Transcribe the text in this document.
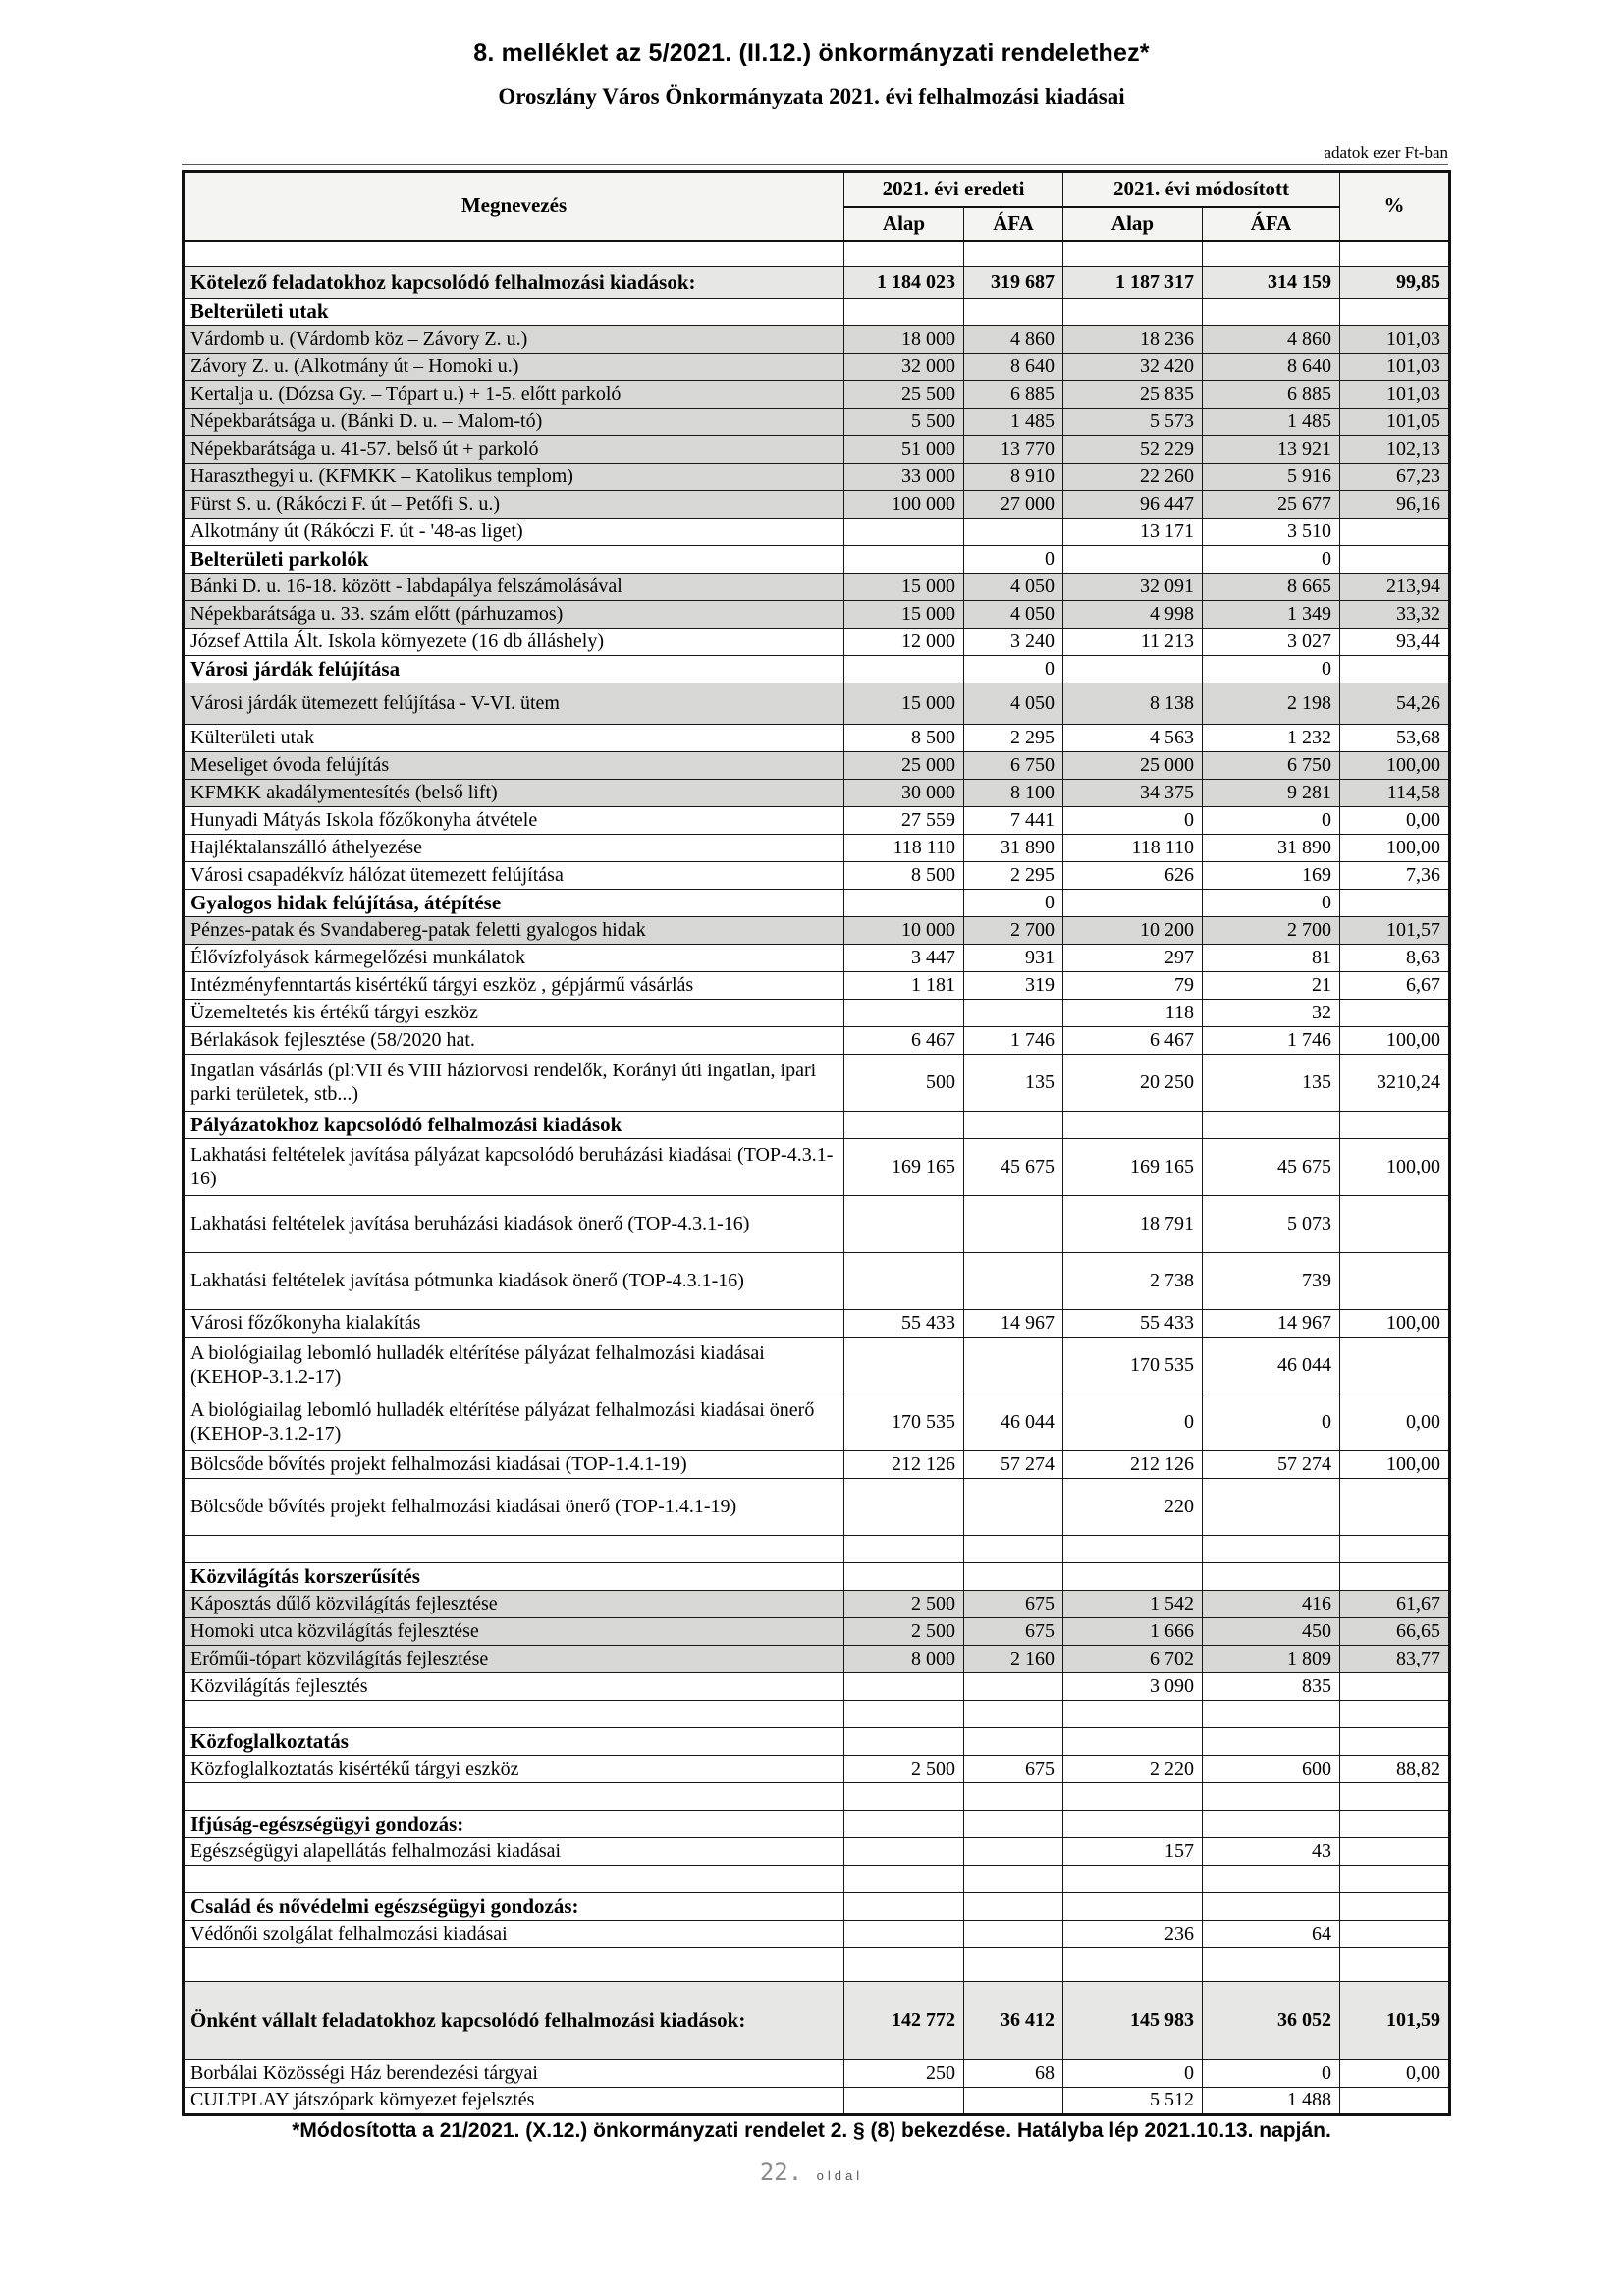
8. melléklet az 5/2021. (II.12.) önkormányzati rendelethez*
Oroszlány Város Önkormányzata 2021. évi felhalmozási kiadásai
adatok ezer Ft-ban
Megnevezés	2021. évi eredeti		2021. évi módosított		%
	Alap	ÁFA	Alap	ÁFA	

Kötelező feladatokhoz kapcsolódó felhalmozási kiadások:	1 184 023	319 687	1 187 317	314 159	99,85
Belterületi utak					
Várdomb u. (Várdomb köz – Závory Z. u.)	18 000	4 860	18 236	4 860	101,03
Závory Z. u. (Alkotmány út – Homoki u.)	32 000	8 640	32 420	8 640	101,03
Kertalja u. (Dózsa Gy. – Tópart u.) + 1-5. előtt parkoló	25 500	6 885	25 835	6 885	101,03
Népekbarátsága u. (Bánki D. u. – Malom-tó)	5 500	1 485	5 573	1 485	101,05
Népekbarátsága u. 41-57. belső út + parkoló	51 000	13 770	52 229	13 921	102,13
Haraszthegyi u. (KFMKK – Katolikus templom)	33 000	8 910	22 260	5 916	67,23
Fürst S. u. (Rákóczi F. út – Petőfi S. u.)	100 000	27 000	96 447	25 677	96,16
Alkotmány út (Rákóczi F. út - '48-as liget)			13 171	3 510	
Belterületi parkolók		0		0	
Bánki D. u. 16-18. között - labdapálya felszámolásával	15 000	4 050	32 091	8 665	213,94
Népekbarátsága u. 33. szám előtt (párhuzamos)	15 000	4 050	4 998	1 349	33,32
József Attila Ált. Iskola környezete (16 db álláshely)	12 000	3 240	11 213	3 027	93,44
Városi járdák felújítása		0		0	
Városi járdák ütemezett felújítása - V-VI. ütem	15 000	4 050	8 138	2 198	54,26
Külterületi utak	8 500	2 295	4 563	1 232	53,68
Meseliget óvoda felújítás	25 000	6 750	25 000	6 750	100,00
KFMKK akadálymentesítés (belső lift)	30 000	8 100	34 375	9 281	114,58
Hunyadi Mátyás Iskola főzőkonyha átvétele	27 559	7 441	0	0	0,00
Hajléktalanszálló áthelyezése	118 110	31 890	118 110	31 890	100,00
Városi csapadékvíz hálózat ütemezett felújítása	8 500	2 295	626	169	7,36
Gyalogos hidak felújítása, átépítése		0		0	
Pénzes-patak és Svandabereg-patak feletti gyalogos hidak	10 000	2 700	10 200	2 700	101,57
Élővízfolyások kármegelőzési munkálatok	3 447	931	297	81	8,63
Intézményfenntartás kisértékű tárgyi eszköz , gépjármű vásárlás	1 181	319	79	21	6,67
Üzemeltetés kis értékű tárgyi eszköz			118	32	
Bérlakások fejlesztése (58/2020 hat.	6 467	1 746	6 467	1 746	100,00
Ingatlan vásárlás (pl:VII és VIII háziorvosi rendelők, Korányi úti ingatlan, ipari parki területek, stb...)	500	135	20 250	135	3210,24
Pályázatokhoz kapcsolódó felhalmozási kiadások					
Lakhatási feltételek javítása pályázat kapcsolódó beruházási kiadásai (TOP-4.3.1-16)	169 165	45 675	169 165	45 675	100,00
Lakhatási feltételek javítása beruházási kiadások önerő (TOP-4.3.1-16)			18 791	5 073	
Lakhatási feltételek javítása pótmunka kiadások önerő (TOP-4.3.1-16)			2 738	739	
Városi főzőkonyha kialakítás	55 433	14 967	55 433	14 967	100,00
A biológiailag lebomló hulladék eltérítése pályázat felhalmozási kiadásai (KEHOP-3.1.2-17)			170 535	46 044	
A biológiailag lebomló hulladék eltérítése pályázat felhalmozási kiadásai önerő (KEHOP-3.1.2-17)	170 535	46 044	0	0	0,00
Bölcsőde bővítés projekt felhalmozási kiadásai (TOP-1.4.1-19)	212 126	57 274	212 126	57 274	100,00
Bölcsőde bővítés projekt felhalmozási kiadásai önerő (TOP-1.4.1-19)			220		

Közvilágítás korszerűsítés					
Káposztás dűlő közvilágítás fejlesztése	2 500	675	1 542	416	61,67
Homoki utca közvilágítás fejlesztése	2 500	675	1 666	450	66,65
Erőműi-tópart közvilágítás fejlesztése	8 000	2 160	6 702	1 809	83,77
Közvilágítás fejlesztés			3 090	835	

Közfoglalkoztatás					
Közfoglalkoztatás kisértékű tárgyi eszköz	2 500	675	2 220	600	88,82

Ifjúság-egészségügyi gondozás:					
Egészségügyi alapellátás felhalmozási kiadásai			157	43	

Család és nővédelmi egészségügyi gondozás:					
Védőnői szolgálat felhalmozási kiadásai			236	64	

Önként vállalt feladatokhoz kapcsolódó felhalmozási kiadások:	142 772	36 412	145 983	36 052	101,59
Borbálai Közösségi Ház berendezési tárgyai	250	68	0	0	0,00
CULTPLAY játszópark környezet fejelsztés			5 512	1 488	
*Módosította a 21/2021. (X.12.) önkormányzati rendelet 2. § (8) bekezdése. Hatályba lép 2021.10.13. napján.
22. oldal
